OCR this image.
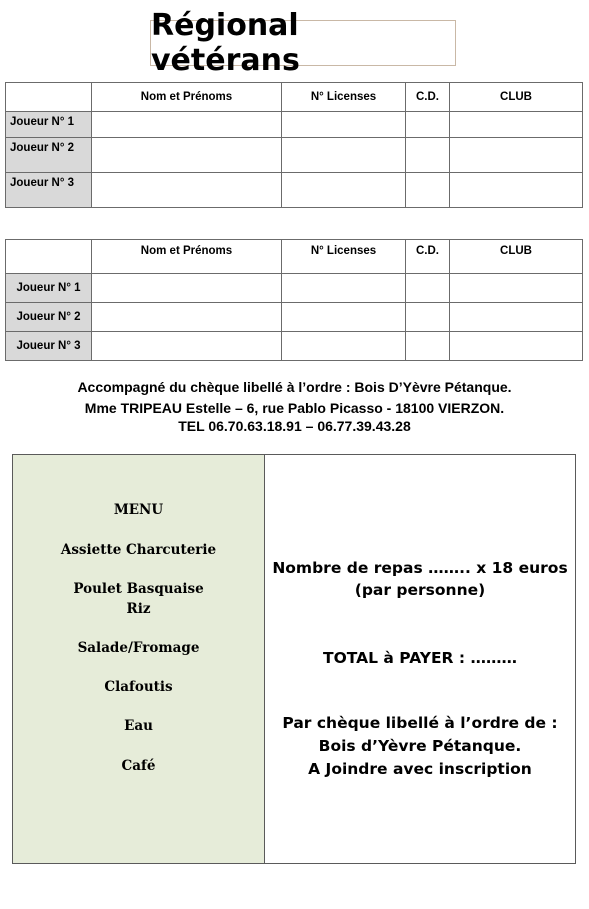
Régional vétérans
	Nom et Prénoms	N° Licenses	C.D.	CLUB
Joueur N° 1				
Joueur N° 2				
Joueur N° 3				
	Nom et Prénoms	N° Licenses	C.D.	CLUB
Joueur N° 1				
Joueur N° 2				
Joueur N° 3				
Accompagné du chèque libellé à l’ordre : Bois D’Yèvre Pétanque.
Mme TRIPEAU Estelle – 6, rue Pablo Picasso - 18100 VIERZON.
TEL 06.70.63.18.91 – 06.77.39.43.28
MENU
Assiette Charcuterie
Poulet Basquaise
Riz
Salade/Fromage
Clafoutis
Eau
Café
Nombre de repas …….. x 18 euros
(par personne)
TOTAL à PAYER : ………
Par chèque libellé à l’ordre de :
Bois d’Yèvre Pétanque.
A Joindre avec inscription
